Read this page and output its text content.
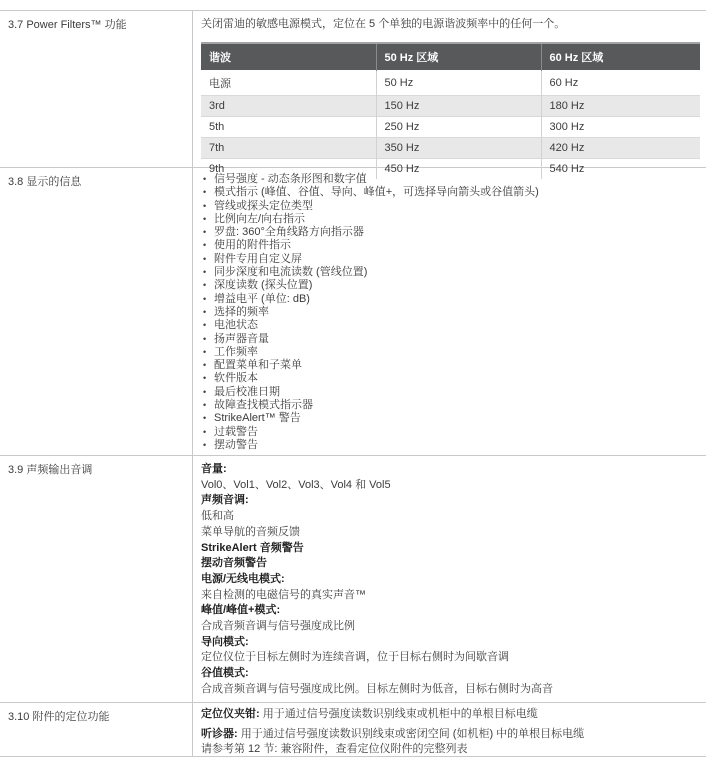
3.7 Power Filters™ 功能	关闭雷迪的敏感电源模式，定位在 5 个单独的电源谐波频率中的任何一个。

谐波	50 Hz 区域	60 Hz 区域
电源	50 Hz	60 Hz
3rd	150 Hz	180 Hz
5th	250 Hz	300 Hz
7th	350 Hz	420 Hz
9th	450 Hz	540 Hz
3.8 显示的信息	• 信号强度 - 动态条形图和数字值
• 模式指示 (峰值、谷值、导向、峰值+，可选择导向箭头或谷值箭头)
• 管线或探头定位类型
• 比例向左/向右指示
• 罗盘: 360°全角线路方向指示器
• 使用的附件指示
• 附件专用自定义屏
• 同步深度和电流读数 (管线位置)
• 深度读数 (探头位置)
• 增益电平 (单位: dB)
• 选择的频率
• 电池状态
• 扬声器音量
• 工作频率
• 配置菜单和子菜单
• 软件版本
• 最后校准日期
• 故障查找模式指示器
• StrikeAlert™ 警告
• 过载警告
• 摆动警告
3.9 声频输出音调	音量:
Vol0、Vol1、Vol2、Vol3、Vol4 和 Vol5
声频音调:
低和高
菜单导航的音频反馈
StrikeAlert 音频警告
摆动音频警告
电源/无线电模式:
来自检测的电磁信号的真实声音™
峰值/峰值+模式:
合成音频音调与信号强度成比例
导向模式:
定位仪位于目标左侧时为连续音调，位于目标右侧时为间歇音调
谷值模式:
合成音频音调与信号强度成比例。目标左侧时为低音，目标右侧时为高音
3.10 附件的定位功能	定位仪夹钳: 用于通过信号强度读数识别线束或机柜中的单根目标电缆
听诊器: 用于通过信号强度读数识别线束或密闭空间 (如机柜) 中的单根目标电缆
请参考第 12 节: 兼容附件，查看定位仪附件的完整列表
